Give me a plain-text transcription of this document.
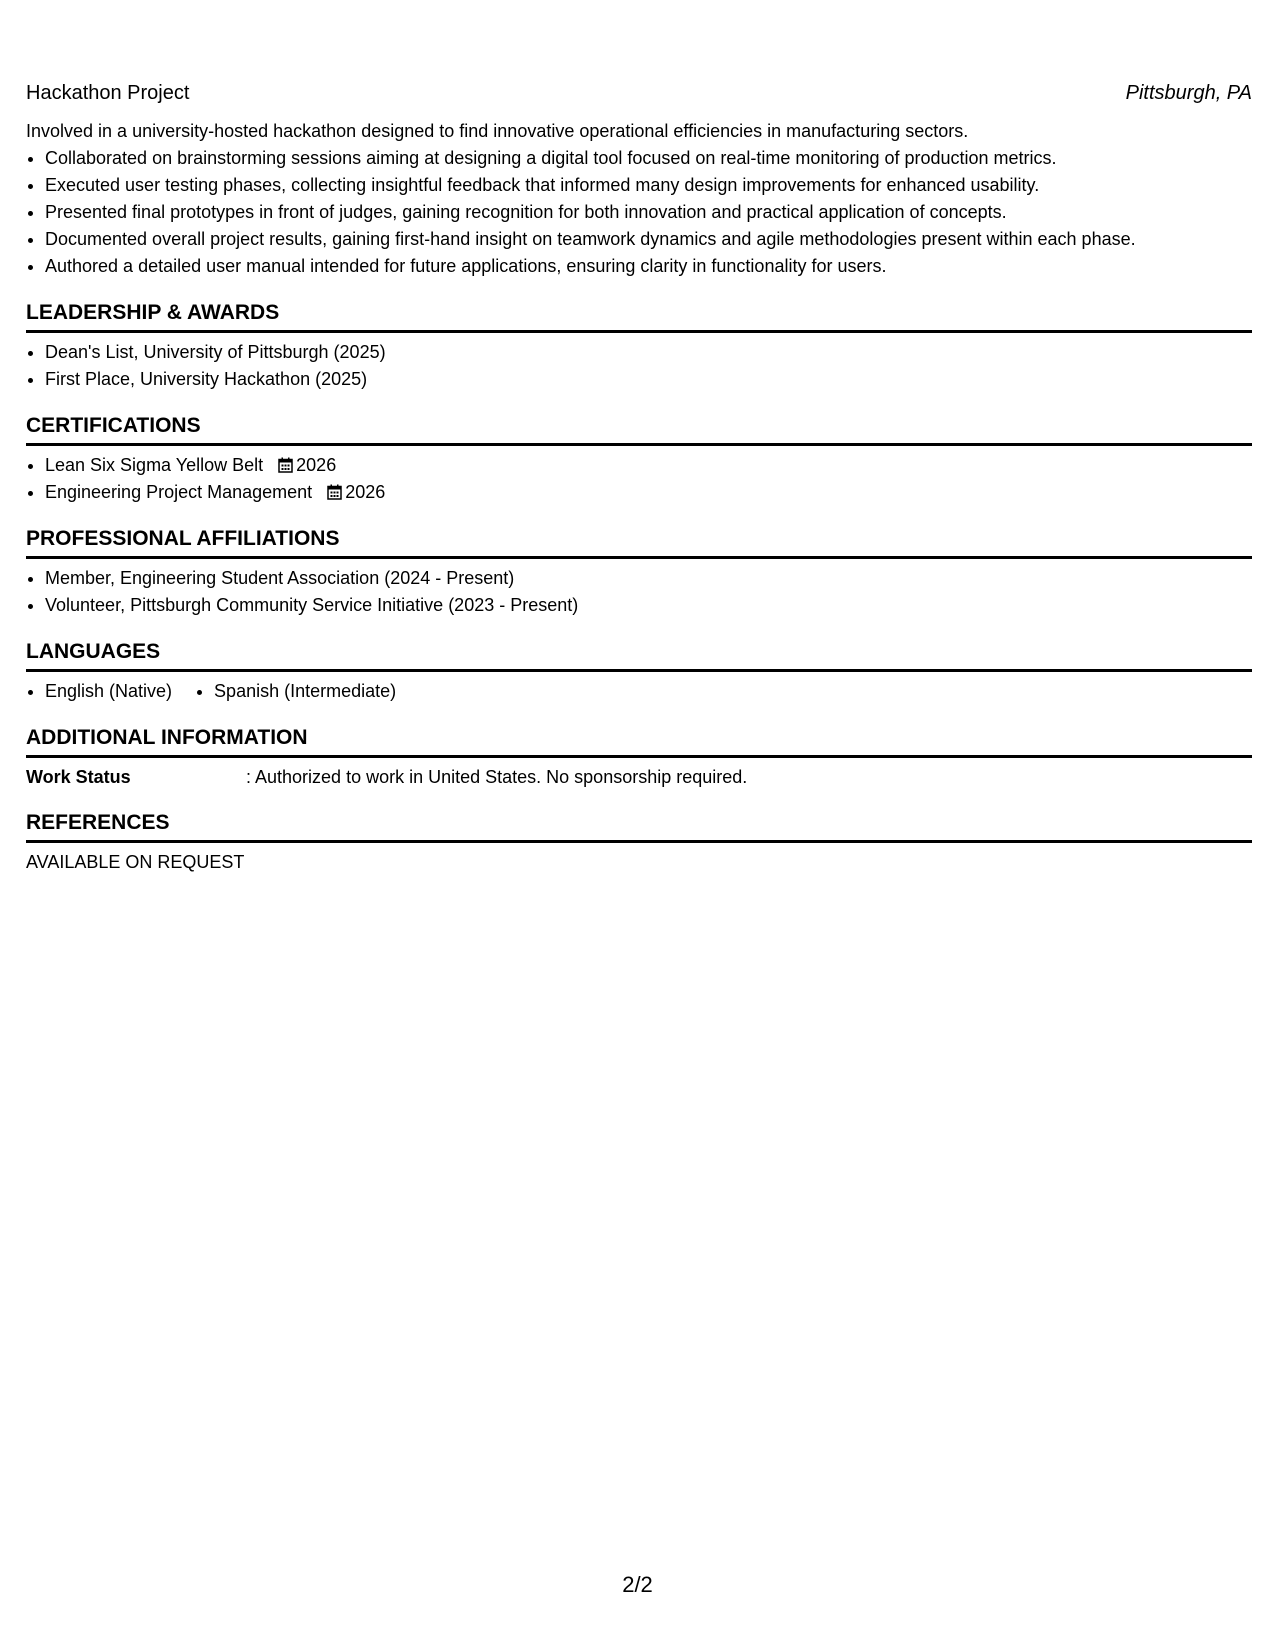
Hackathon Project	Pittsburgh, PA
Involved in a university-hosted hackathon designed to find innovative operational efficiencies in manufacturing sectors.
• Collaborated on brainstorming sessions aiming at designing a digital tool focused on real-time monitoring of production metrics.
• Executed user testing phases, collecting insightful feedback that informed many design improvements for enhanced usability.
• Presented final prototypes in front of judges, gaining recognition for both innovation and practical application of concepts.
• Documented overall project results, gaining first-hand insight on teamwork dynamics and agile methodologies present within each phase.
• Authored a detailed user manual intended for future applications, ensuring clarity in functionality for users.
LEADERSHIP & AWARDS
• Dean's List, University of Pittsburgh (2025)
• First Place, University Hackathon (2025)
CERTIFICATIONS
• Lean Six Sigma Yellow Belt 2026
• Engineering Project Management 2026
PROFESSIONAL AFFILIATIONS
• Member, Engineering Student Association (2024 - Present)
• Volunteer, Pittsburgh Community Service Initiative (2023 - Present)
LANGUAGES
• English (Native)
• Spanish (Intermediate)
ADDITIONAL INFORMATION
Work Status	: Authorized to work in United States. No sponsorship required.
REFERENCES
AVAILABLE ON REQUEST
2/2
